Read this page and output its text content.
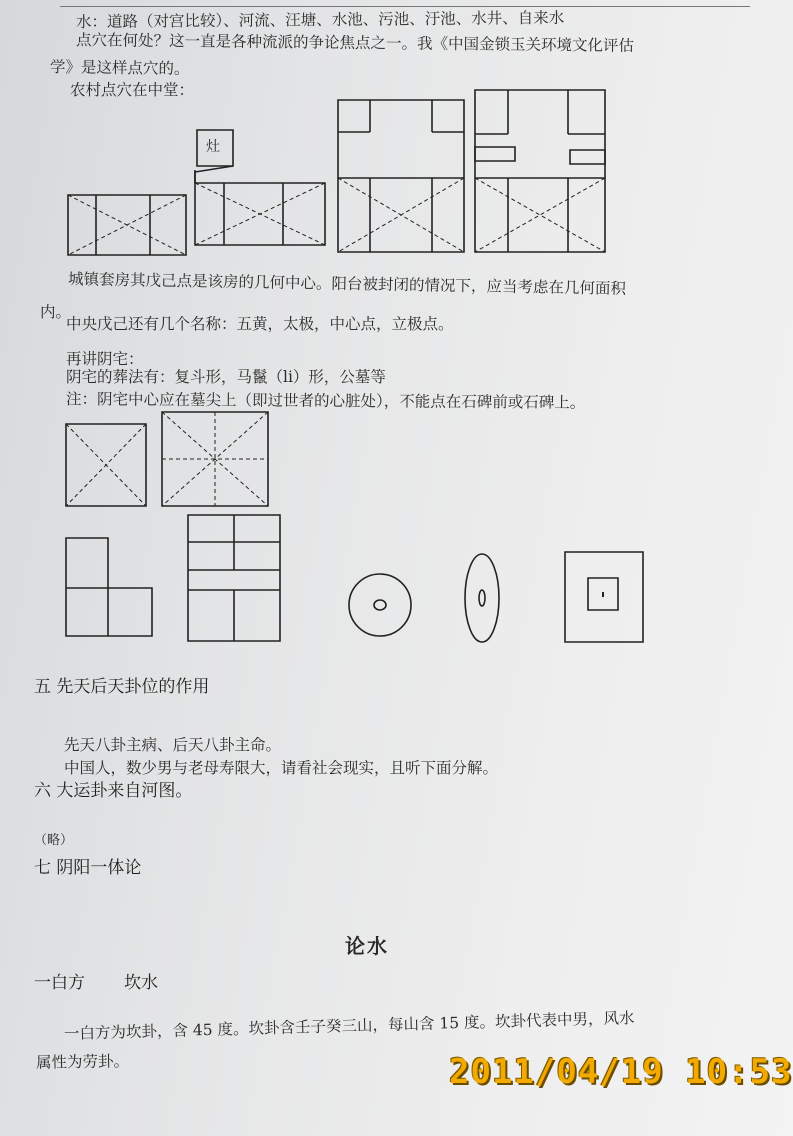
水：道路（对宫比较）、河流、汪塘、水池、污池、汙池、水井、自来水
点穴在何处？这一直是各种流派的争论焦点之一。我《中国金锁玉关环境文化评估
学》是这样点穴的。
农村点穴在中堂：
灶
城镇套房其戊己点是该房的几何中心。阳台被封闭的情况下，应当考虑在几何面积
内。
中央戊己还有几个名称：五黄，太极，中心点，立极点。
再讲阴宅：
阴宅的葬法有：复斗形，马鬣（li）形，公墓等
注：阴宅中心应在墓尖上（即过世者的心脏处），不能点在石碑前或石碑上。
五 先天后天卦位的作用
先天八卦主病、后天八卦主命。
中国人，数少男与老母寿限大，请看社会现实，且听下面分解。
六 大运卦来自河图。
（略）
七 阴阳一体论
论水
一白方 坎水
一白方为坎卦，含 45 度。坎卦含壬子癸三山，每山含 15 度。坎卦代表中男，风水
属性为劳卦。	2011/04/19 10:53
